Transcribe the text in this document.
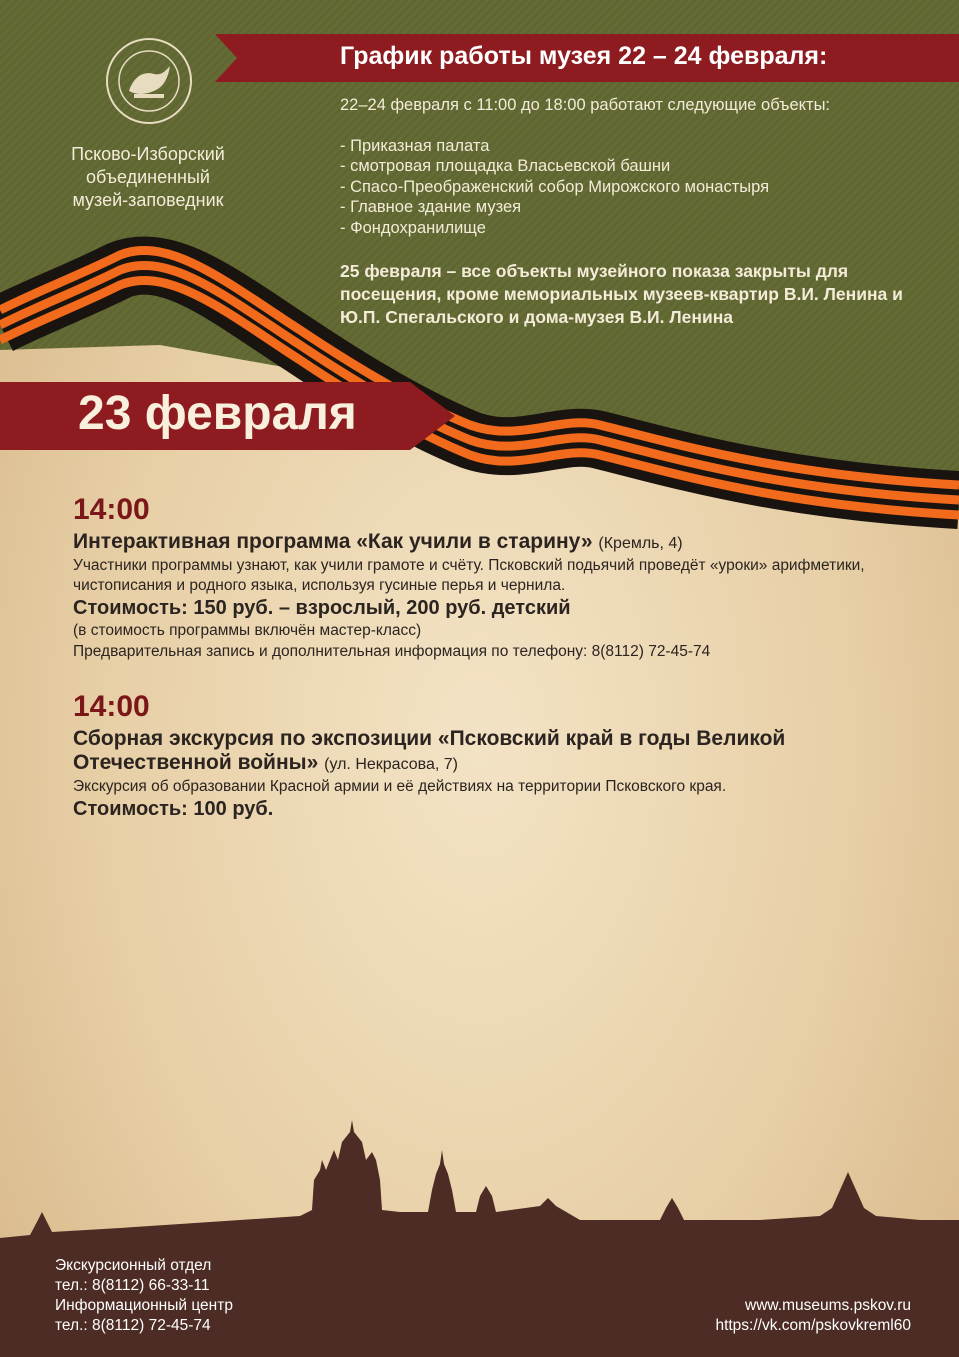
Псково-Изборский
объединенный
музей-заповедник
График работы музея 22 – 24 февраля:

22–24 февраля с 11:00 до 18:00 работают следующие объекты:

- Приказная палата

- смотровая площадка Власьевской башни

- Спасо-Преображенский собор Мирожского монастыря

- Главное здание музея

- Фондохранилище

25 февраля – все объекты музейного показа закрыты для посещения, кроме мемориальных музеев-квартир В.И. Ленина и Ю.П. Спегальского и дома-музея В.И. Ленина

23 февраля

14:00

Интерактивная программа «Как учили в старину» (Кремль, 4)

Участники программы узнают, как учили грамоте и счёту. Псковский подьячий проведёт «уроки» арифметики, чистописания и родного языка, используя гусиные перья и чернила.

Стоимость: 150 руб. – взрослый, 200 руб. детский

(в стоимость программы включён мастер-класс)

Предварительная запись и дополнительная информация по телефону: 8(8112) 72-45-74

14:00

Сборная экскурсия по экспозиции «Псковский край в годы Великой Отечественной войны» (ул. Некрасова, 7)

Экскурсия об образовании Красной армии и её действиях на территории Псковского края.

Стоимость: 100 руб.

Экскурсионный отдел

тел.: 8(8112) 66-33-11

Информационный центр

тел.: 8(8112) 72-45-74

www.museums.pskov.ru

https://vk.com/pskovkreml60
